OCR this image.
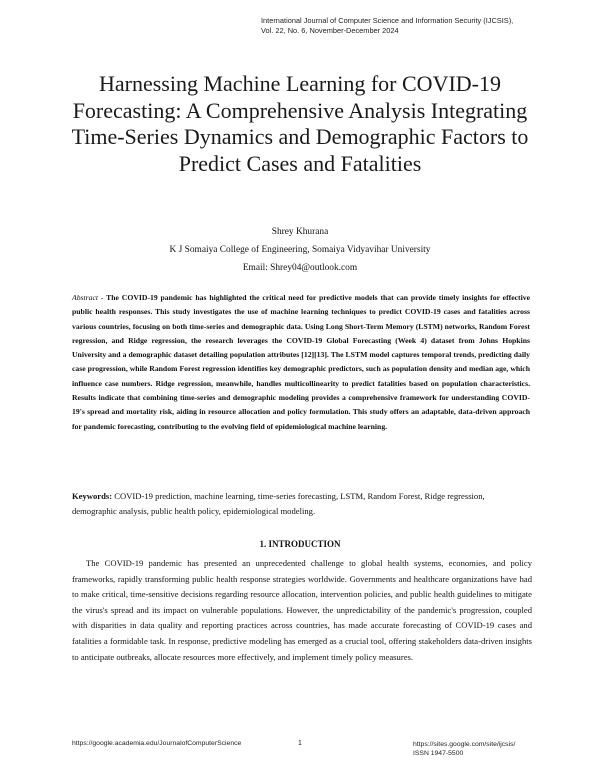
International Journal of Computer Science and Information Security (IJCSIS),
Vol. 22, No. 6, November-December 2024
Harnessing Machine Learning for COVID-19 Forecasting: A Comprehensive Analysis Integrating Time-Series Dynamics and Demographic Factors to Predict Cases and Fatalities
Shrey Khurana
K J Somaiya College of Engineering, Somaiya Vidyavihar University
Email: Shrey04@outlook.com
Abstract - The COVID-19 pandemic has highlighted the critical need for predictive models that can provide timely insights for effective public health responses. This study investigates the use of machine learning techniques to predict COVID-19 cases and fatalities across various countries, focusing on both time-series and demographic data. Using Long Short-Term Memory (LSTM) networks, Random Forest regression, and Ridge regression, the research leverages the COVID-19 Global Forecasting (Week 4) dataset from Johns Hopkins University and a demographic dataset detailing population attributes [12][13]. The LSTM model captures temporal trends, predicting daily case progression, while Random Forest regression identifies key demographic predictors, such as population density and median age, which influence case numbers. Ridge regression, meanwhile, handles multicollinearity to predict fatalities based on population characteristics. Results indicate that combining time-series and demographic modeling provides a comprehensive framework for understanding COVID-19's spread and mortality risk, aiding in resource allocation and policy formulation. This study offers an adaptable, data-driven approach for pandemic forecasting, contributing to the evolving field of epidemiological machine learning.
Keywords: COVID-19 prediction, machine learning, time-series forecasting, LSTM, Random Forest, Ridge regression, demographic analysis, public health policy, epidemiological modeling.
1. INTRODUCTION
The COVID-19 pandemic has presented an unprecedented challenge to global health systems, economies, and policy frameworks, rapidly transforming public health response strategies worldwide. Governments and healthcare organizations have had to make critical, time-sensitive decisions regarding resource allocation, intervention policies, and public health guidelines to mitigate the virus's spread and its impact on vulnerable populations. However, the unpredictability of the pandemic's progression, coupled with disparities in data quality and reporting practices across countries, has made accurate forecasting of COVID-19 cases and fatalities a formidable task. In response, predictive modeling has emerged as a crucial tool, offering stakeholders data-driven insights to anticipate outbreaks, allocate resources more effectively, and implement timely policy measures.
https://google.academia.edu/JournalofComputerScience	1	https://sites.google.com/site/ijcsis/
ISSN 1947-5500
